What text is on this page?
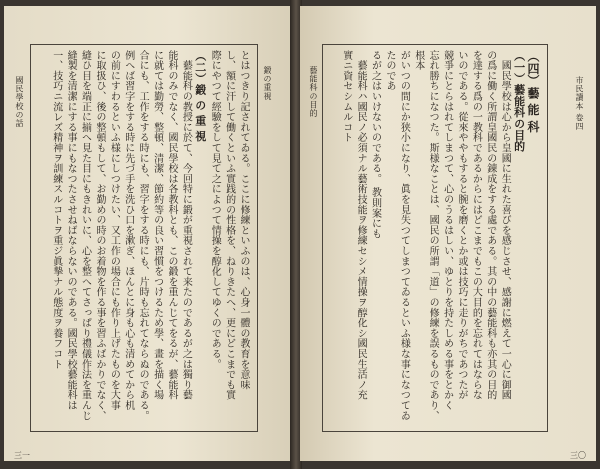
國民學校の話
三一
鍛の重視
とはつきり記されてゐる。ここに修練といふのは、心身一體の教育を意味
し、額に汗して働くといふ實践的の性格を、ねりきたへ、更にどこまでも實
際にやつて經驗をして見て之によつて情操を醇化してゆくのである。
（二）鍛 の 重 視
　藝能科の教授に於て、今回特に鍛が重視されて来たのであるが之は獨り藝
能科のみでなく、國民學校は各教科とも、この鍛を重んじてをるが、藝能科
に就ては勤勞、整頓、清潔、節約等の良い習慣をつけるため學、畫を描く場
合にも、工作をする時にも、習字をする時にも、片時も忘れてならぬのである。
例へば習字をする時に先づ手を洗ひ口を漱ぎ、ほんとに身も心も清めてから机
の前にすわるといふ様にしつけたい、又工作の場合にも作り上げたものを大事
に取扱ひ、後の整頓もして、お勤めの時のお着物を作る事を習ふばかりでなく、
縫ひ目を端正に揃へ見た目にもきれいに、心を整へてさっぱり禮儀作法を重んじ
縫製を清潔にする事にもなつたさせねばならないのである。國民學校藝能科は
一、技巧ニ流レズ精神ヲ訓練スルコトヲ重ジ眞摯ナル態度ヲ養フコト	市民讀本 卷四
三〇
藝能科の目的	（四）藝 能 科
（一）藝能科の目的
　國民學校は心から皇國に生れた喜びを感じさせ、感謝に燃えて一心に御國
の爲に働く所謂皇國民の錬成をする處である。其の中の藝能科も亦其の目的
を達する爲の一教科であるからにはどこまでもこの大目的を忘れてはならな
いのである。從來ややもすると腕を磨くとか或は技巧に走りがちであつたが
競爭にとらはれてしまつて、心のうるはしい、ゆとりを持たしめる事をとかく
忘れ勝ちになつた。斯様なことは、國民の所謂「道」の修練を誤るものであり、根本
がいつの間にか狭小になり、眞を見失つてしまつてゐるといふ様な事になつてゐたのであ
るが之はいけないのである。 教則案にも
　藝能科ハ國民ノ必須ナル藝術技能ヲ修練セシメ情操ヲ醇化シ國民生活ノ充
實ニ資セシムルコト
